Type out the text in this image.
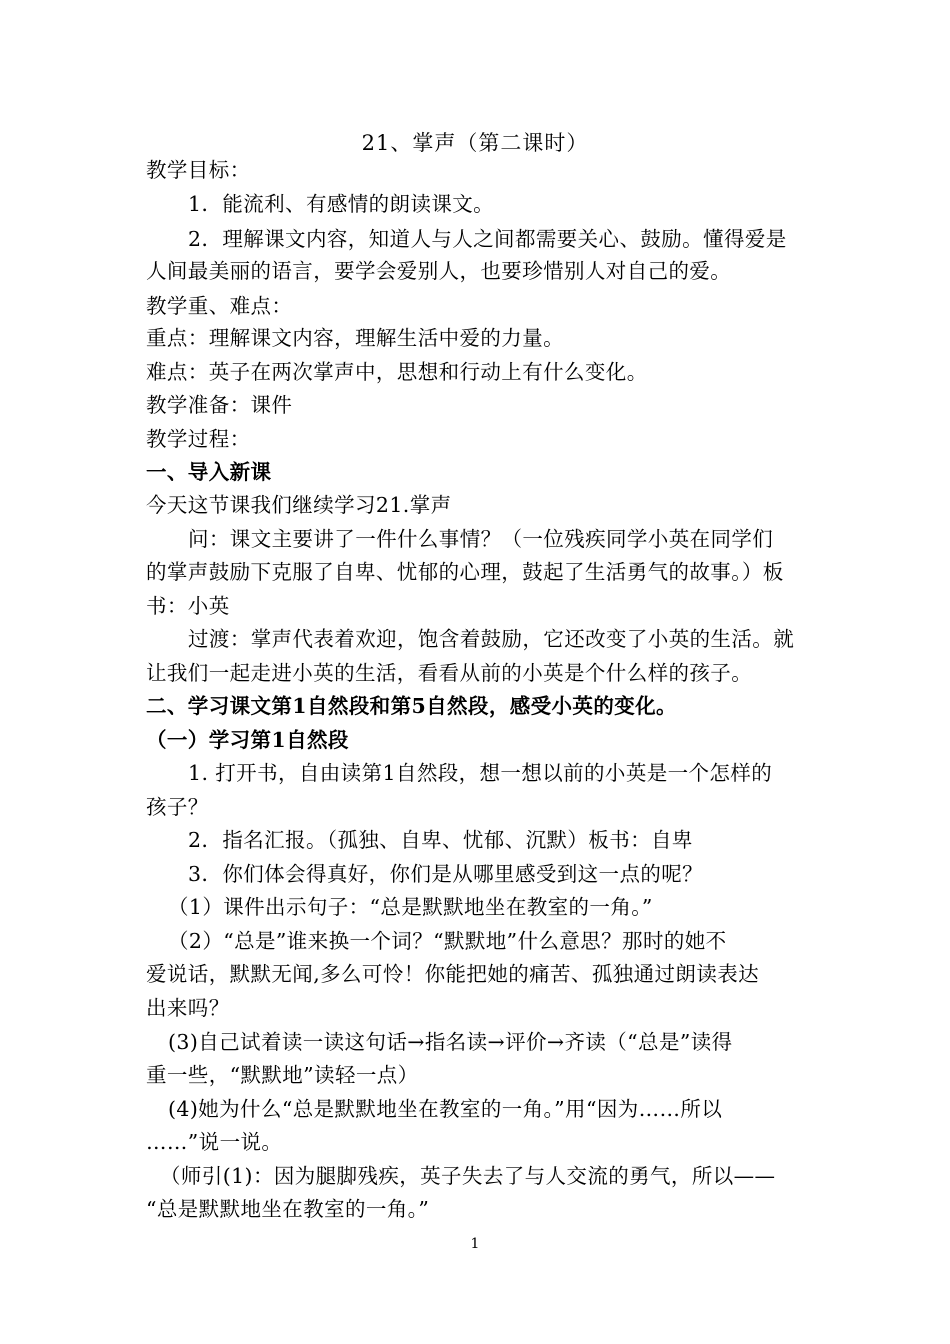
21、掌声（第二课时）
教学目标：
1．能流利、有感情的朗读课文。
2．理解课文内容，知道人与人之间都需要关心、鼓励。懂得爱是
人间最美丽的语言，要学会爱别人，也要珍惜别人对自己的爱。
教学重、难点：
重点：理解课文内容，理解生活中爱的力量。
难点：英子在两次掌声中，思想和行动上有什么变化。
教学准备：课件
教学过程：
一、导入新课
今天这节课我们继续学习21.掌声
问：课文主要讲了一件什么事情？（一位残疾同学小英在同学们
的掌声鼓励下克服了自卑、忧郁的心理，鼓起了生活勇气的故事。）板
书：小英
过渡：掌声代表着欢迎，饱含着鼓励，它还改变了小英的生活。就
让我们一起走进小英的生活，看看从前的小英是个什么样的孩子。
二、学习课文第1自然段和第5自然段，感受小英的变化。
（一）学习第1自然段
1. 打开书，自由读第1自然段，想一想以前的小英是一个怎样的
孩子？
2．指名汇报。（孤独、自卑、忧郁、沉默）板书：自卑
3．你们体会得真好，你们是从哪里感受到这一点的呢？
（1）课件出示句子：“总是默默地坐在教室的一角。”
（2）“总是”谁来换一个词？“默默地”什么意思？那时的她不
爱说话，默默无闻,多么可怜！你能把她的痛苦、孤独通过朗读表达
出来吗？
(3)自己试着读一读这句话→指名读→评价→齐读（“总是”读得
重一些，“默默地”读轻一点）
(4)她为什么“总是默默地坐在教室的一角。”用“因为……所以
……”说一说。
（师引(1)：因为腿脚残疾，英子失去了与人交流的勇气，所以——
“总是默默地坐在教室的一角。”
1
